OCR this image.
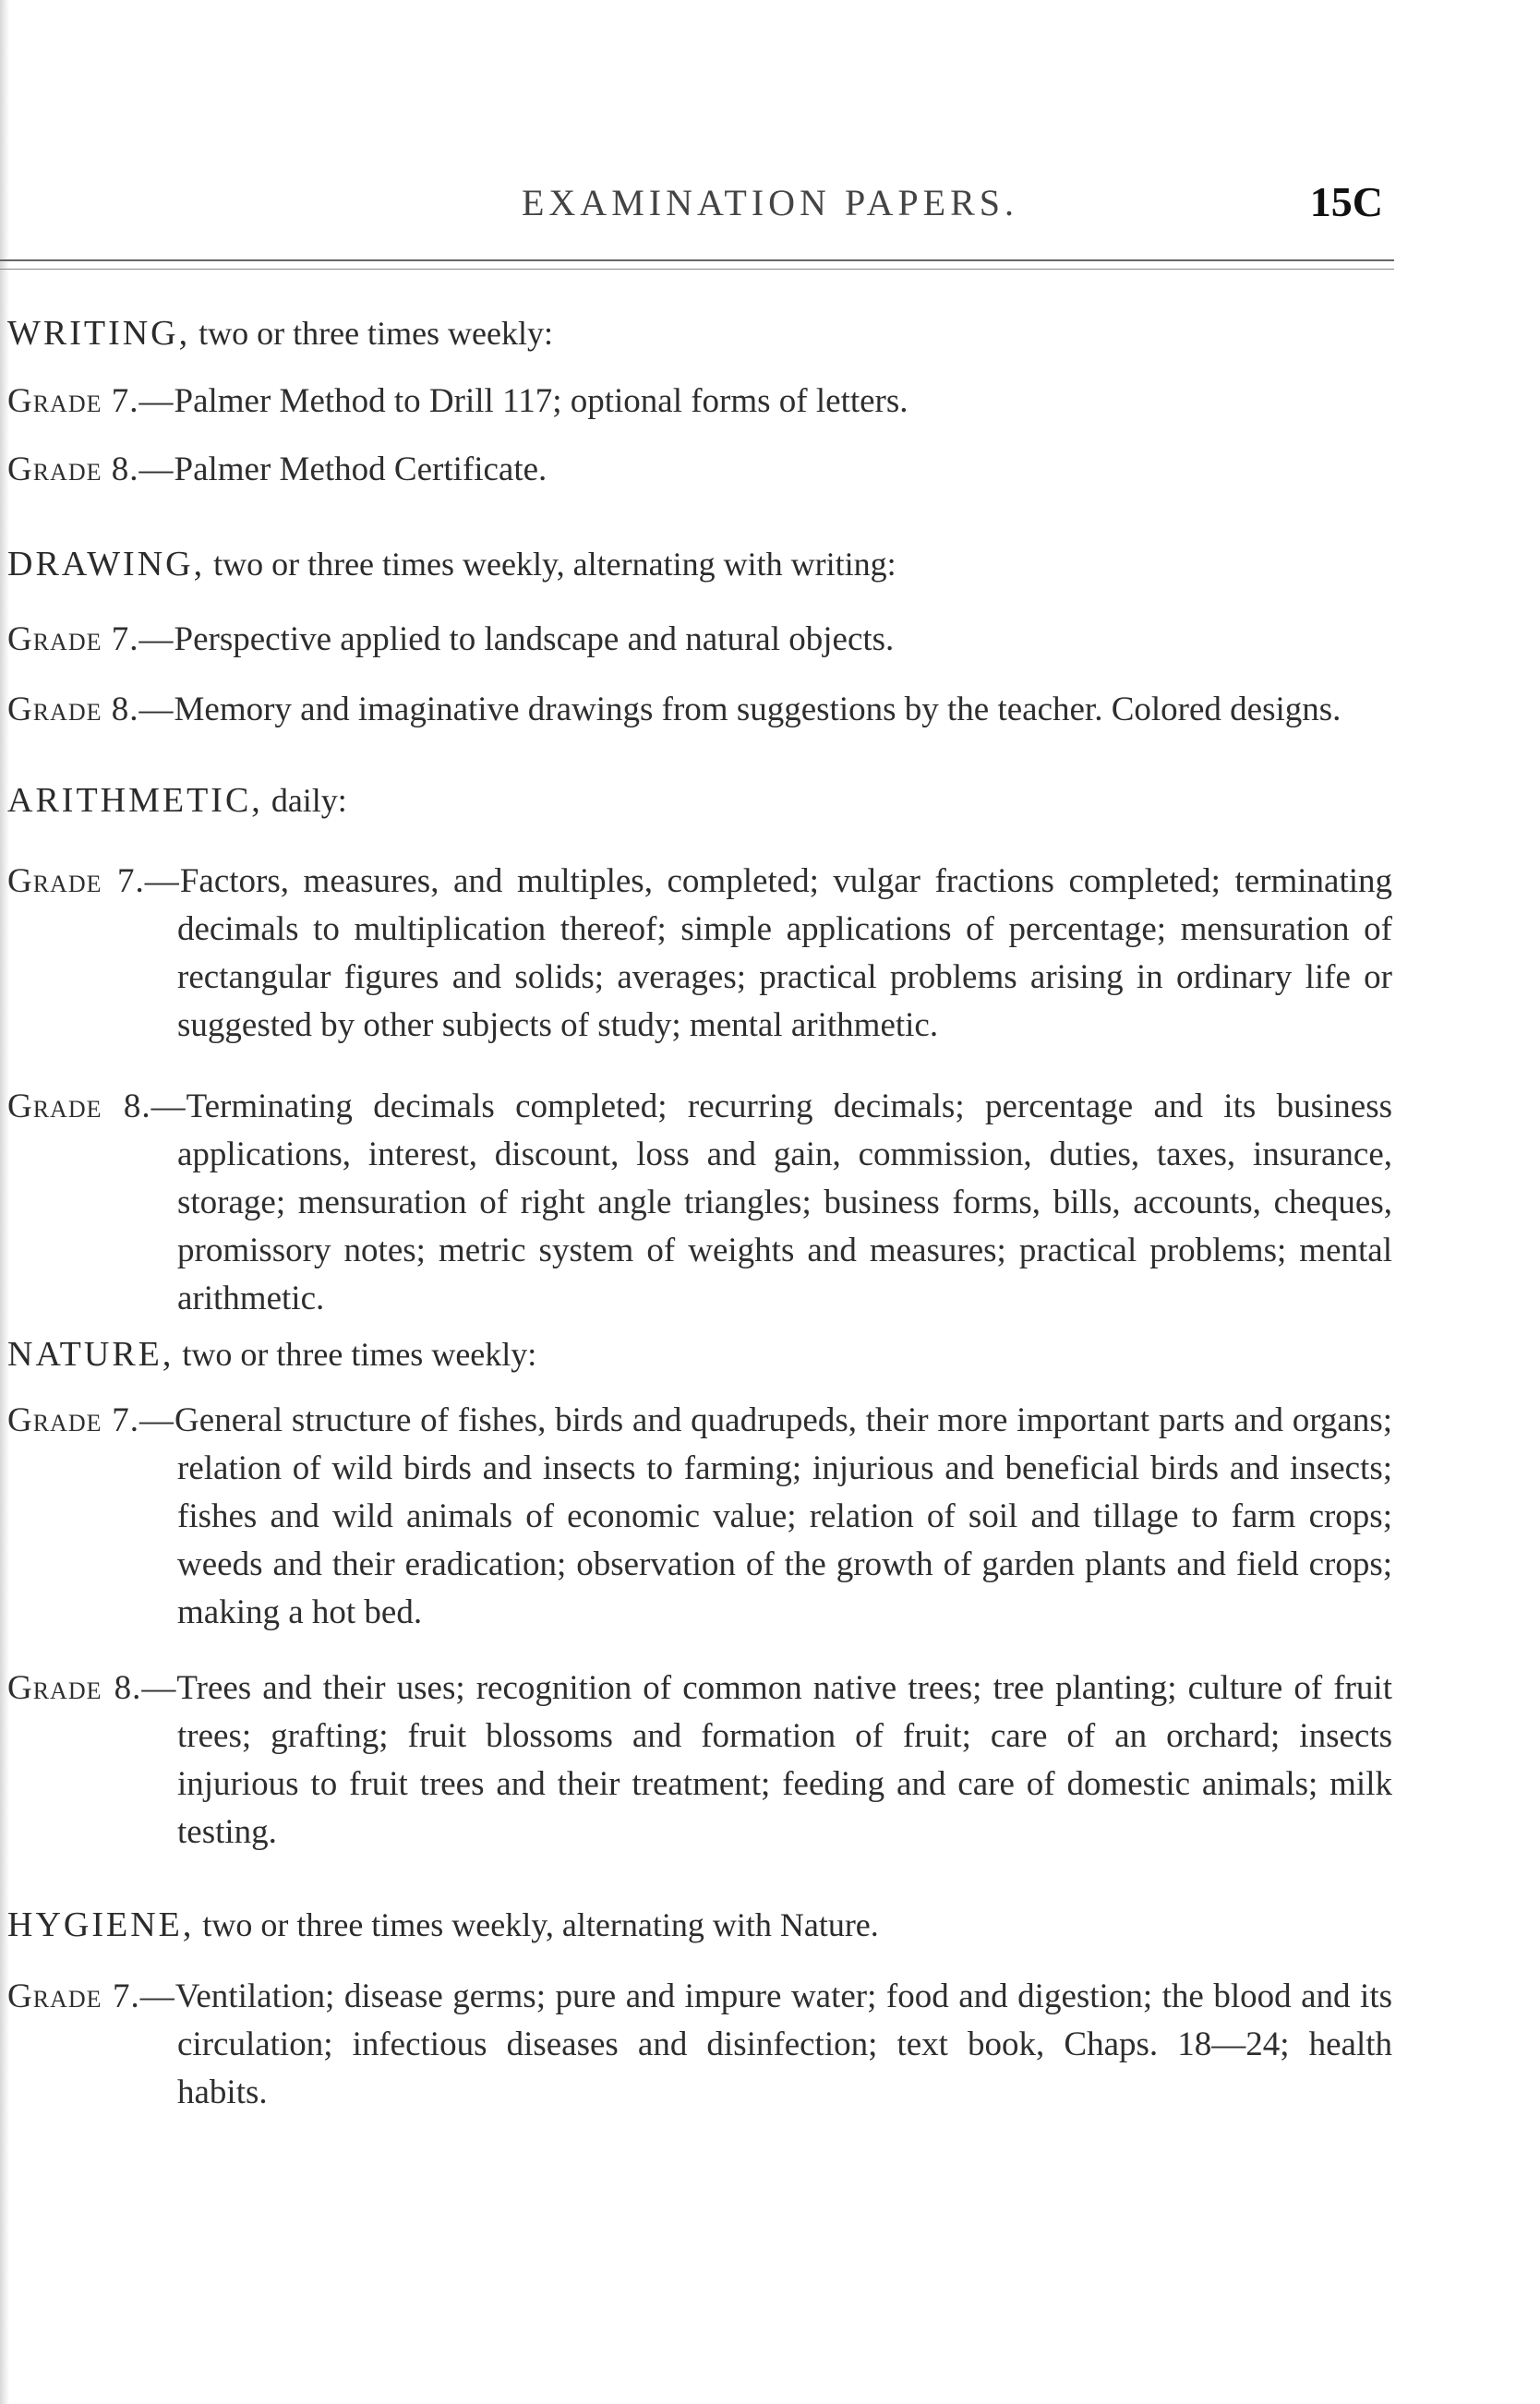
EXAMINATION PAPERS.	15C

WRITING, two or three times weekly:

Grade 7.—Palmer Method to Drill 117; optional forms of letters.

Grade 8.—Palmer Method Certificate.

DRAWING, two or three times weekly, alternating with writing:

Grade 7.—Perspective applied to landscape and natural objects.

Grade 8.—Memory and imaginative drawings from suggestions by the teacher. Colored designs.

ARITHMETIC, daily:

Grade 7.—Factors, measures, and multiples, completed; vulgar fractions completed; terminating decimals to multiplication thereof; simple applications of percentage; mensuration of rectangular figures and solids; averages; practical problems arising in ordinary life or suggested by other subjects of study; mental arithmetic.

Grade 8.—Terminating decimals completed; recurring decimals; percentage and its business applications, interest, discount, loss and gain, commission, duties, taxes, insurance, storage; mensuration of right angle triangles; business forms, bills, accounts, cheques, promissory notes; metric system of weights and measures; practical problems; mental arithmetic.

NATURE, two or three times weekly:

Grade 7.—General structure of fishes, birds and quadrupeds, their more important parts and organs; relation of wild birds and insects to farming; injurious and beneficial birds and insects; fishes and wild animals of economic value; relation of soil and tillage to farm crops; weeds and their eradication; observation of the growth of garden plants and field crops; making a hot bed.

Grade 8.—Trees and their uses; recognition of common native trees; tree planting; culture of fruit trees; grafting; fruit blossoms and formation of fruit; care of an orchard; insects injurious to fruit trees and their treatment; feeding and care of domestic animals; milk testing.

HYGIENE, two or three times weekly, alternating with Nature.

Grade 7.—Ventilation; disease germs; pure and impure water; food and digestion; the blood and its circulation; infectious diseases and disinfection; text book, Chaps. 18—24; health habits.
